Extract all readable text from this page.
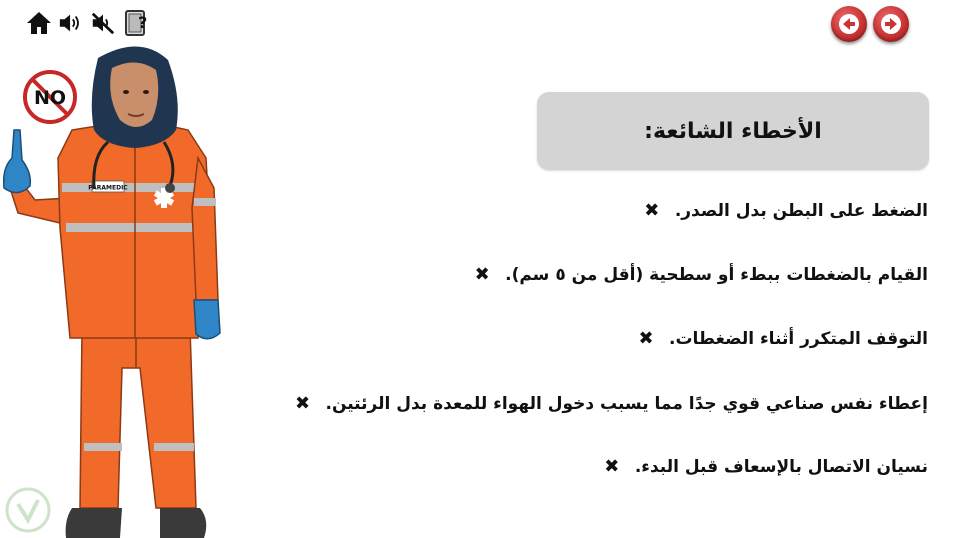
?
الأخطاء الشائعة:
✖ الضغط على البطن بدل الصدر.
✖ القيام بالضغطات ببطء أو سطحية (أقل من ٥ سم).
✖ التوقف المتكرر أثناء الضغطات.
✖ إعطاء نفس صناعي قوي جدًا مما يسبب دخول الهواء للمعدة بدل الرئتين.
✖ نسيان الاتصال بالإسعاف قبل البدء.
NO
PARAMEDIC
